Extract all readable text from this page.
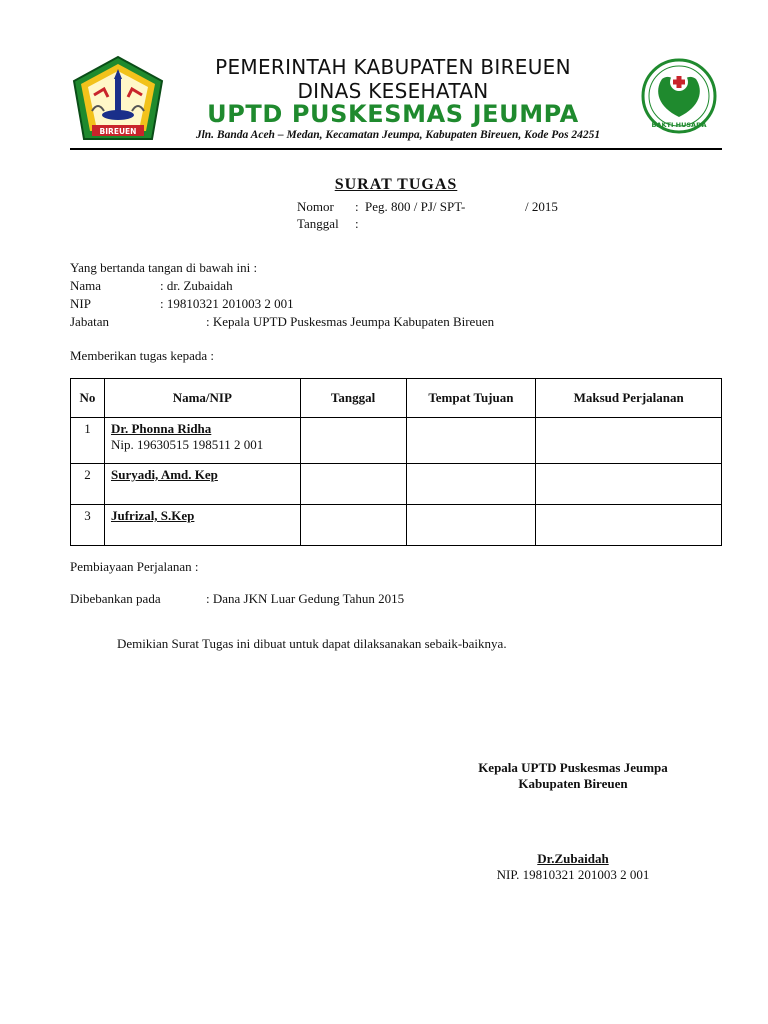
BIREUEN
BAKTI HUSADA
PEMERINTAH KABUPATEN BIREUEN
DINAS KESEHATAN
UPTD PUSKESMAS JEUMPA
Jln. Banda Aceh – Medan, Kecamatan Jeumpa, Kabupaten Bireuen, Kode Pos 24251
SURAT TUGAS
Nomor : Peg. 800 / PJ/ SPT-	/ 2015
Tanggal :
Yang bertanda tangan di bawah ini :
Nama	: dr. Zubaidah
NIP	: 19810321 201003 2 001
Jabatan	: Kepala UPTD Puskesmas Jeumpa Kabupaten Bireuen
Memberikan tugas kepada :
No	Nama/NIP	Tanggal	Tempat Tujuan	Maksud Perjalanan
1	Dr. Phonna Ridha
Nip. 19630515 198511 2 001			

2	Suryadi, Amd. Kep			

3	Jufrizal, S.Kep			

Pembiayaan Perjalanan :
Dibebankan pada	: Dana JKN Luar Gedung Tahun 2015
Demikian Surat Tugas ini dibuat untuk dapat dilaksanakan sebaik-baiknya.
Kepala UPTD Puskesmas Jeumpa
Kabupaten Bireuen
Dr.Zubaidah
NIP. 19810321 201003 2 001
